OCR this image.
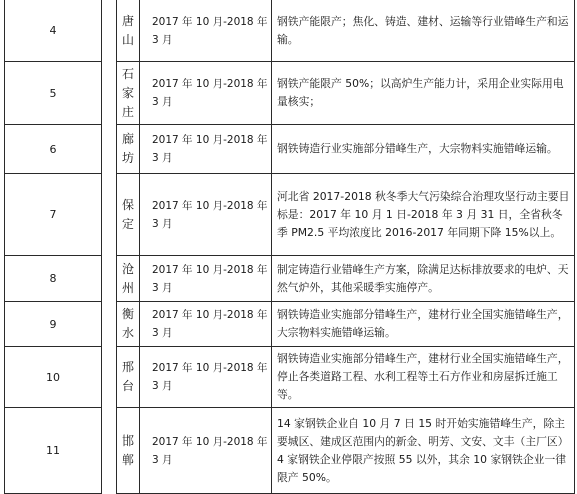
4		唐山	2017 年 10 月-2018 年 3 月	钢铁产能限产；焦化、铸造、建材、运输等行业错峰生产和运输。
5		石家庄	2017 年 10 月-2018 年 3 月	钢铁产能限产 50%；以高炉生产能力计，采用企业实际用电量核实；
6		廊坊	2017 年 10 月-2018 年 3 月	钢铁铸造行业实施部分错峰生产，大宗物料实施错峰运输。
7		保定	2017 年 10 月-2018 年 3 月	河北省 2017-2018 秋冬季大气污染综合治理攻坚行动主要目标是：2017 年 10 月 1 日-2018 年 3 月 31 日，全省秋冬季 PM2.5 平均浓度比 2016-2017 年同期下降 15%以上。
8		沧州	2017 年 10 月-2018 年 3 月	制定铸造行业错峰生产方案，除满足达标排放要求的电炉、天然气炉外，其他采暖季实施停产。
9		衡水	2017 年 10 月-2018 年 3 月	钢铁铸造业实施部分错峰生产，建材行业全国实施错峰生产，大宗物料实施错峰运输。
10		邢台	2017 年 10 月-2018 年 3 月	钢铁铸造业实施部分错峰生产，建材行业全国实施错峰生产，停止各类道路工程、水利工程等土石方作业和房屋拆迁施工等。
11		邯郸	2017 年 10 月-2018 年 3 月	14 家钢铁企业自 10 月 7 日 15 时开始实施错峰生产，除主要城区、建成区范围内的新金、明芳、文安、文丰（主厂区）4 家钢铁企业停限产按照 55 以外，其余 10 家钢铁企业一律限产 50%。
